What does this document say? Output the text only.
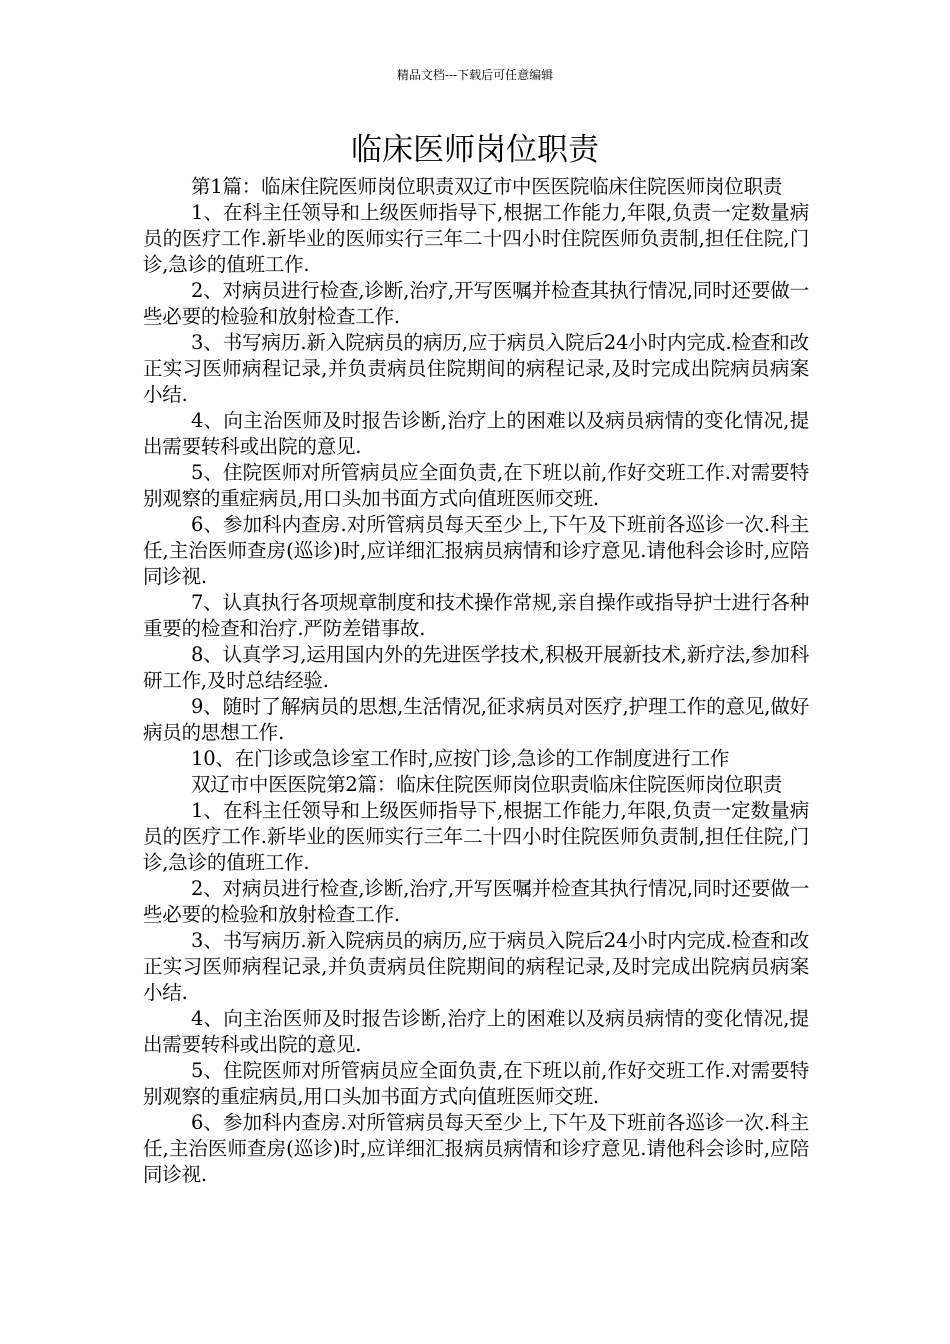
精品文档---下载后可任意编辑
临床医师岗位职责

第1篇：临床住院医师岗位职责双辽市中医医院临床住院医师岗位职责

1、在科主任领导和上级医师指导下,根据工作能力,年限,负责一定数量病员的医疗工作.新毕业的医师实行三年二十四小时住院医师负责制,担任住院,门诊,急诊的值班工作.

2、对病员进行检查,诊断,治疗,开写医嘱并检查其执行情况,同时还要做一些必要的检验和放射检查工作.

3、书写病历.新入院病员的病历,应于病员入院后24小时内完成.检查和改正实习医师病程记录,并负责病员住院期间的病程记录,及时完成出院病员病案小结.

4、向主治医师及时报告诊断,治疗上的困难以及病员病情的变化情况,提出需要转科或出院的意见.

5、住院医师对所管病员应全面负责,在下班以前,作好交班工作.对需要特别观察的重症病员,用口头加书面方式向值班医师交班.

6、参加科内查房.对所管病员每天至少上,下午及下班前各巡诊一次.科主任,主治医师查房(巡诊)时,应详细汇报病员病情和诊疗意见.请他科会诊时,应陪同诊视.

7、认真执行各项规章制度和技术操作常规,亲自操作或指导护士进行各种重要的检查和治疗.严防差错事故.

8、认真学习,运用国内外的先进医学技术,积极开展新技术,新疗法,参加科研工作,及时总结经验.

9、随时了解病员的思想,生活情况,征求病员对医疗,护理工作的意见,做好病员的思想工作.

10、在门诊或急诊室工作时,应按门诊,急诊的工作制度进行工作

双辽市中医医院第2篇：临床住院医师岗位职责临床住院医师岗位职责

1、在科主任领导和上级医师指导下,根据工作能力,年限,负责一定数量病员的医疗工作.新毕业的医师实行三年二十四小时住院医师负责制,担任住院,门诊,急诊的值班工作.

2、对病员进行检查,诊断,治疗,开写医嘱并检查其执行情况,同时还要做一些必要的检验和放射检查工作.

3、书写病历.新入院病员的病历,应于病员入院后24小时内完成.检查和改正实习医师病程记录,并负责病员住院期间的病程记录,及时完成出院病员病案小结.

4、向主治医师及时报告诊断,治疗上的困难以及病员病情的变化情况,提出需要转科或出院的意见.

5、住院医师对所管病员应全面负责,在下班以前,作好交班工作.对需要特别观察的重症病员,用口头加书面方式向值班医师交班.

6、参加科内查房.对所管病员每天至少上,下午及下班前各巡诊一次.科主任,主治医师查房(巡诊)时,应详细汇报病员病情和诊疗意见.请他科会诊时,应陪同诊视.
